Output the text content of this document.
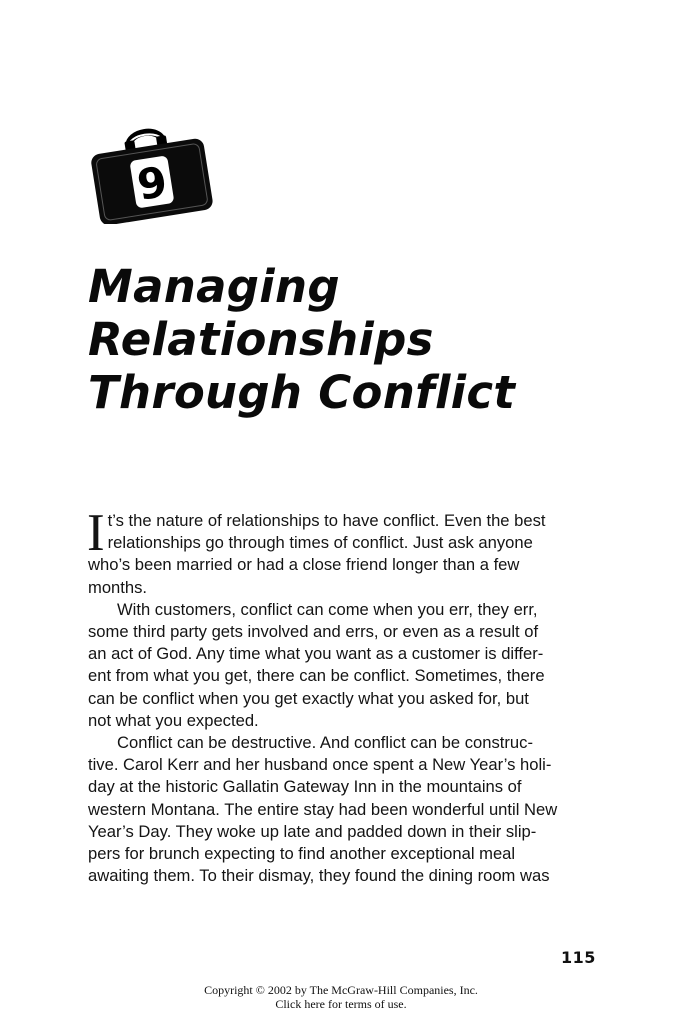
9
Managing
Relationships
Through Conflict
I t’s the nature of relationships to have conflict. Even the best
relationships go through times of conflict. Just ask anyone
who’s been married or had a close friend longer than a few
months.
With customers, conflict can come when you err, they err,
some third party gets involved and errs, or even as a result of
an act of God. Any time what you want as a customer is differ-
ent from what you get, there can be conflict. Sometimes, there
can be conflict when you get exactly what you asked for, but
not what you expected.
Conflict can be destructive. And conflict can be construc-
tive. Carol Kerr and her husband once spent a New Year’s holi-
day at the historic Gallatin Gateway Inn in the mountains of
western Montana. The entire stay had been wonderful until New
Year’s Day. They woke up late and padded down in their slip-
pers for brunch expecting to find another exceptional meal
awaiting them. To their dismay, they found the dining room was
115
Copyright © 2002 by The McGraw-Hill Companies, Inc.
Click here for terms of use.
